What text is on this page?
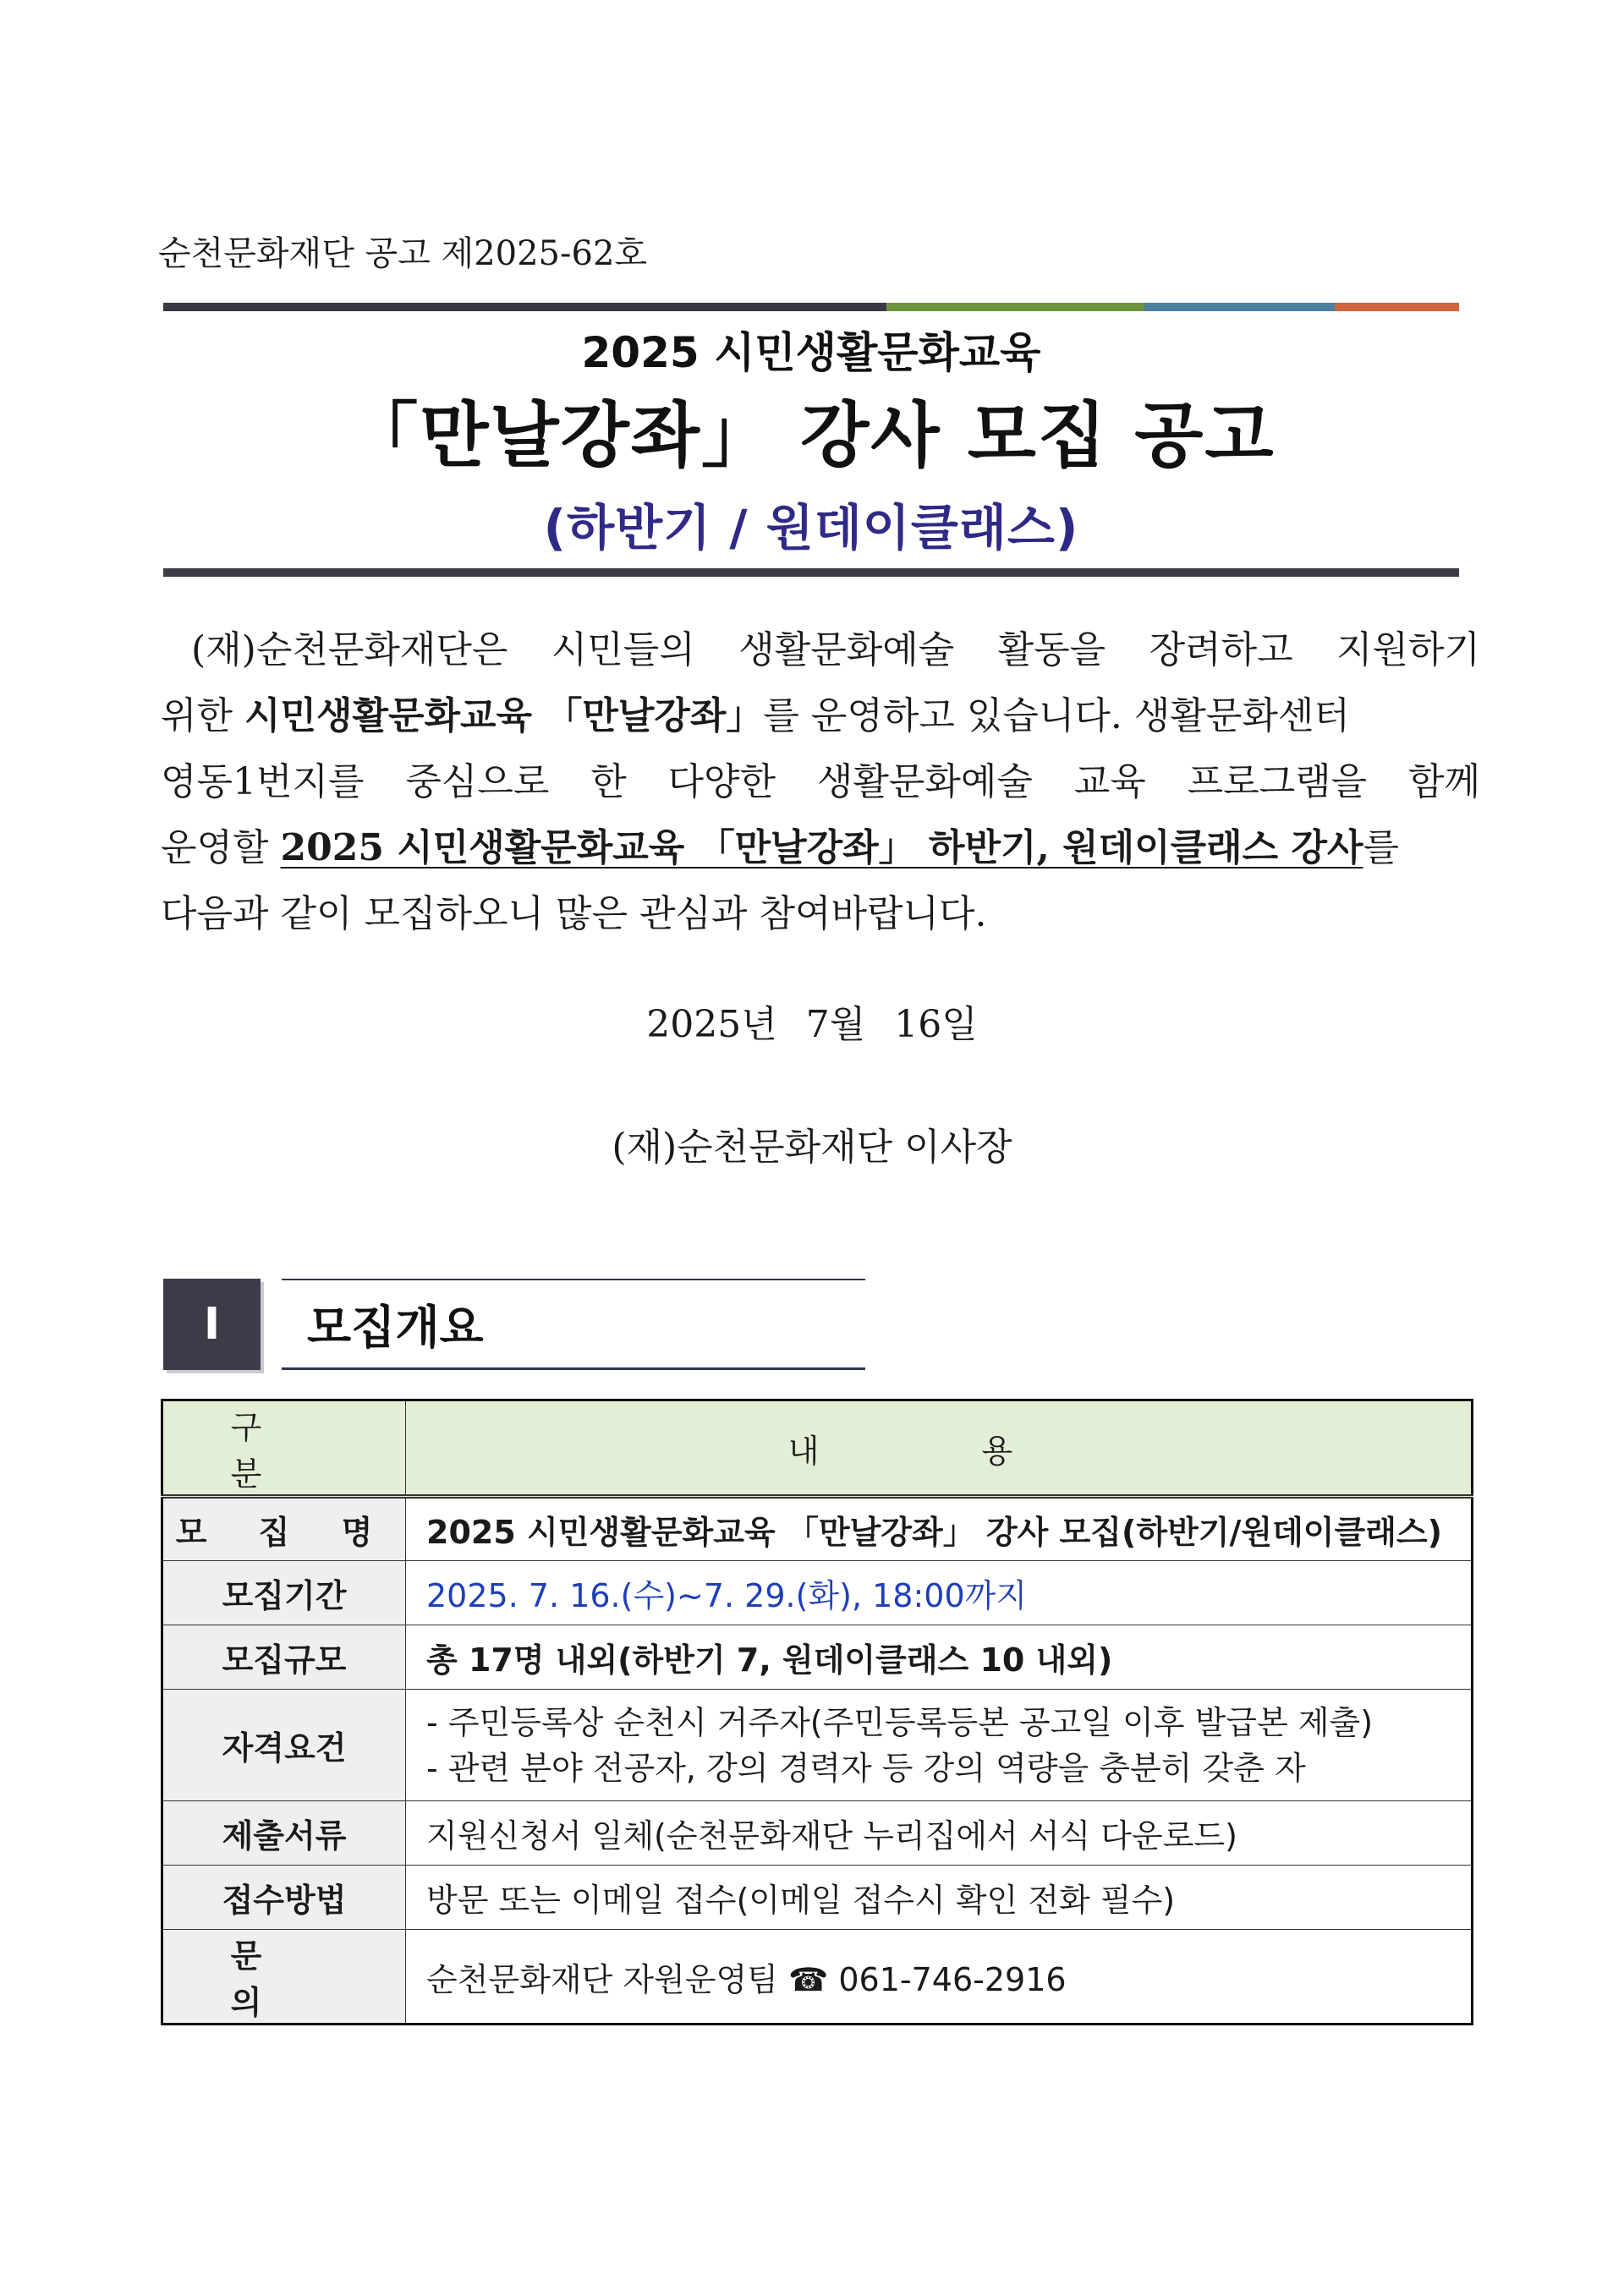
순천문화재단 공고 제2025-62호
2025 시민생활문화교육
「만날강좌」 강사 모집 공고
(하반기 / 원데이클래스)

(재)순천문화재단은 시민들의 생활문화예술 활동을 장려하고 지원하기

위한 시민생활문화교육 「만날강좌」 를 운영하고 있습니다. 생활문화센터

영동1번지를 중심으로 한 다양한 생활문화예술 교육 프로그램을 함께

운영할 2025 시민생활문화교육 「만날강좌」 하반기, 원데이클래스 강사 를

다음과 같이 모집하오니 많은 관심과 참여바랍니다.

2025년 7월 16일
(재)순천문화재단 이사장
I	모집개요
구 분	내 용
모 집 명	2025 시민생활문화교육 「만날강좌」 강사 모집(하반기/원데이클래스)
모집기간	2025. 7. 16.(수)~7. 29.(화), 18:00까지
모집규모	총 17명 내외(하반기 7, 원데이클래스 10 내외)
자격요건	- 주민등록상 순천시 거주자(주민등록등본 공고일 이후 발급본 제출)
- 관련 분야 전공자, 강의 경력자 등 강의 역량을 충분히 갖춘 자

제출서류	지원신청서 일체(순천문화재단 누리집에서 서식 다운로드)
접수방법	방문 또는 이메일 접수(이메일 접수시 확인 전화 필수)
문 의	순천문화재단 자원운영팀 ☎ 061-746-2916
